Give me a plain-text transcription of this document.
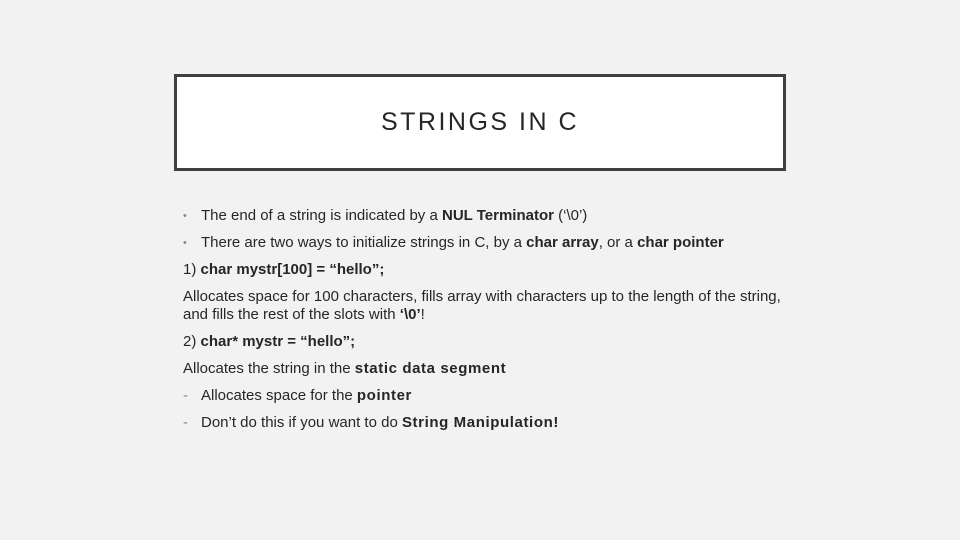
STRINGS IN C
• The end of a string is indicated by a NUL Terminator (‘\0’)
• There are two ways to initialize strings in C, by a char array, or a char pointer
1) char mystr[100] = “hello”;
Allocates space for 100 characters, fills array with characters up to the length of the string, and fills the rest of the slots with ‘\0’!
2) char* mystr = “hello”;
Allocates the string in the static data segment
- Allocates space for the pointer
- Don’t do this if you want to do String Manipulation!
